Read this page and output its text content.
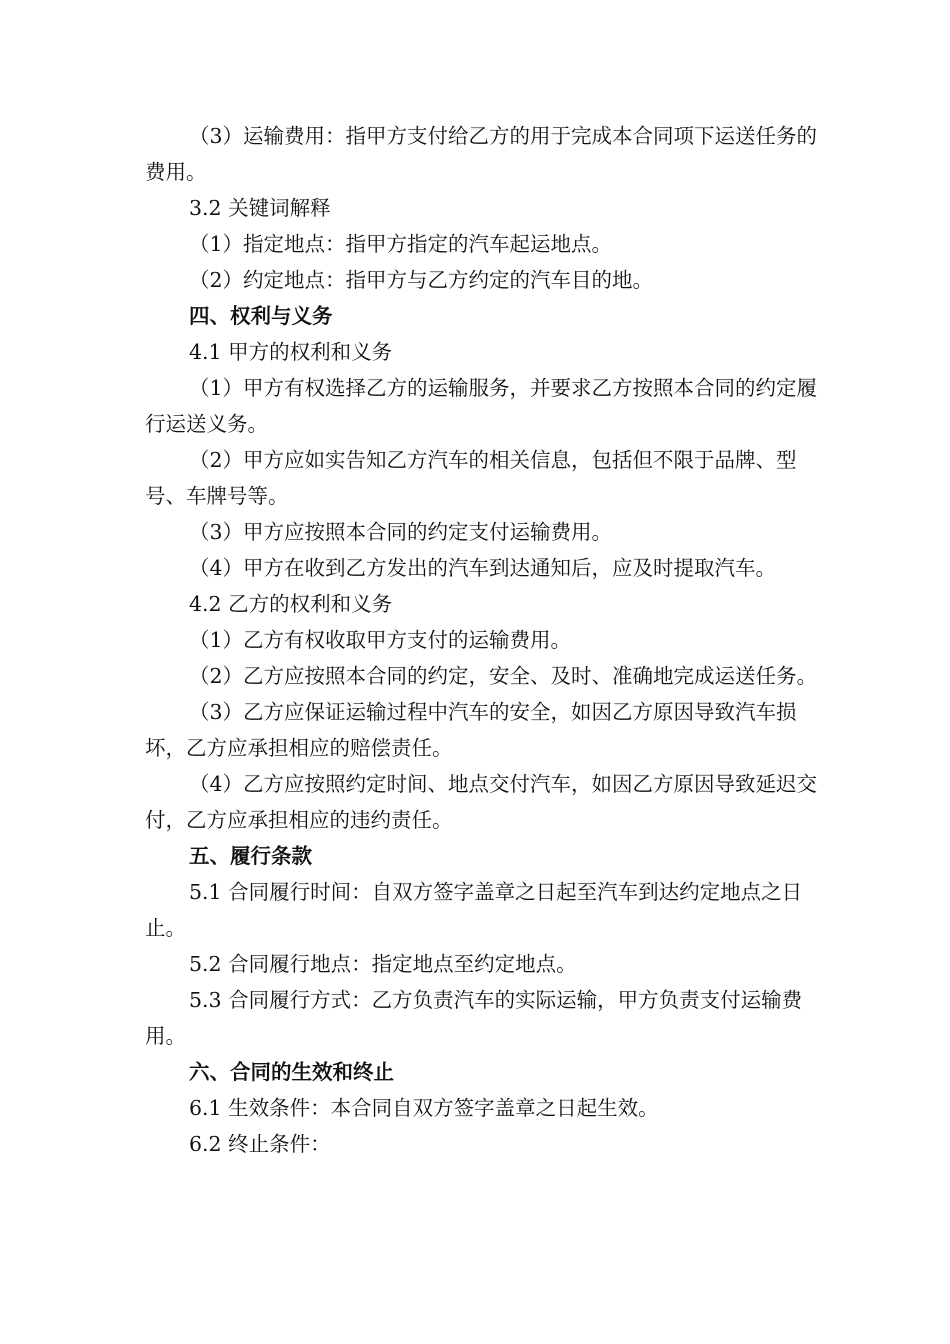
（3）运输费用：指甲方支付给乙方的用于完成本合同项下运送任务的费用。

3.2 关键词解释

（1）指定地点：指甲方指定的汽车起运地点。

（2）约定地点：指甲方与乙方约定的汽车目的地。

四、权利与义务

4.1 甲方的权利和义务

（1）甲方有权选择乙方的运输服务，并要求乙方按照本合同的约定履行运送义务。

（2）甲方应如实告知乙方汽车的相关信息，包括但不限于品牌、型号、车牌号等。

（3）甲方应按照本合同的约定支付运输费用。

（4）甲方在收到乙方发出的汽车到达通知后，应及时提取汽车。

4.2 乙方的权利和义务

（1）乙方有权收取甲方支付的运输费用。

（2）乙方应按照本合同的约定，安全、及时、准确地完成运送任务。

（3）乙方应保证运输过程中汽车的安全，如因乙方原因导致汽车损坏，乙方应承担相应的赔偿责任。

（4）乙方应按照约定时间、地点交付汽车，如因乙方原因导致延迟交付，乙方应承担相应的违约责任。

五、履行条款

5.1 合同履行时间：自双方签字盖章之日起至汽车到达约定地点之日止。

5.2 合同履行地点：指定地点至约定地点。

5.3 合同履行方式：乙方负责汽车的实际运输，甲方负责支付运输费用。

六、合同的生效和终止

6.1 生效条件：本合同自双方签字盖章之日起生效。

6.2 终止条件：
